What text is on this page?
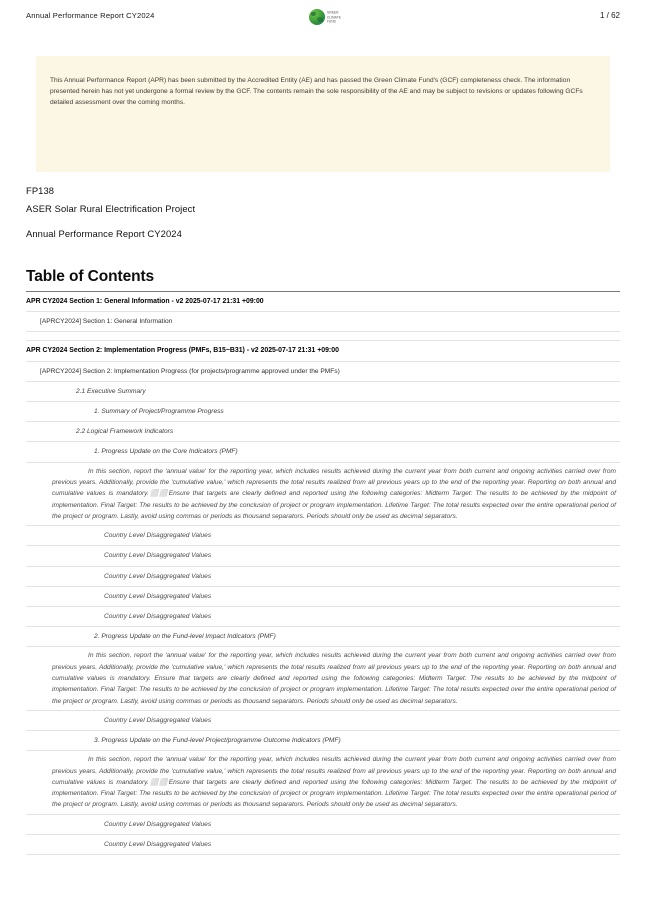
Annual Performance Report CY2024	GREEN
CLIMATE
FUND
1 / 62
This Annual Performance Report (APR) has been submitted by the Accredited Entity (AE) and has passed the Green Climate Fund's (GCF) completeness check. The information presented herein has not yet undergone a formal review by the GCF. The contents remain the sole responsibility of the AE and may be subject to revisions or updates following GCFs detailed assessment over the coming months.
FP138
ASER Solar Rural Electrification Project
Annual Performance Report CY2024
Table of Contents
APR CY2024 Section 1: General Information - v2 2025-07-17 21:31 +09:00
[APRCY2024] Section 1: General Information
APR CY2024 Section 2: Implementation Progress (PMFs, B15~B31) - v2 2025-07-17 21:31 +09:00
[APRCY2024] Section 2: Implementation Progress (for projects/programme approved under the PMFs)
2.1 Executive Summary
1. Summary of Project/Programme Progress
2.2 Logical Framework Indicators
1. Progress Update on the Core Indicators (PMF)
In this section, report the 'annual value' for the reporting year, which includes results achieved during the current year from both current and ongoing activities carried over from previous years. Additionally, provide the 'cumulative value,' which represents the total results realized from all previous years up to the end of the reporting year. Reporting on both annual and cumulative values is mandatory.⬜⬜Ensure that targets are clearly defined and reported using the following categories: Midterm Target: The results to be achieved by the midpoint of implementation. Final Target: The results to be achieved by the conclusion of project or program implementation. Lifetime Target: The total results expected over the entire operational period of the project or program. Lastly, avoid using commas or periods as thousand separators. Periods should only be used as decimal separators.
Country Level Disaggregated Values
Country Level Disaggregated Values
Country Level Disaggregated Values
Country Level Disaggregated Values
Country Level Disaggregated Values
2. Progress Update on the Fund-level Impact Indicators (PMF)
In this section, report the 'annual value' for the reporting year, which includes results achieved during the current year from both current and ongoing activities carried over from previous years. Additionally, provide the 'cumulative value,' which represents the total results realized from all previous years up to the end of the reporting year. Reporting on both annual and cumulative values is mandatory. Ensure that targets are clearly defined and reported using the following categories: Midterm Target: The results to be achieved by the midpoint of implementation. Final Target: The results to be achieved by the conclusion of project or program implementation. Lifetime Target: The total results expected over the entire operational period of the project or program. Lastly, avoid using commas or periods as thousand separators. Periods should only be used as decimal separators.
Country Level Disaggregated Values
3. Progress Update on the Fund-level Project/programme Outcome Indicators (PMF)
In this section, report the 'annual value' for the reporting year, which includes results achieved during the current year from both current and ongoing activities carried over from previous years. Additionally, provide the 'cumulative value,' which represents the total results realized from all previous years up to the end of the reporting year. Reporting on both annual and cumulative values is mandatory.⬜⬜Ensure that targets are clearly defined and reported using the following categories: Midterm Target: The results to be achieved by the midpoint of implementation. Final Target: The results to be achieved by the conclusion of project or program implementation. Lifetime Target: The total results expected over the entire operational period of the project or program. Lastly, avoid using commas or periods as thousand separators. Periods should only be used as decimal separators.
Country Level Disaggregated Values
Country Level Disaggregated Values
